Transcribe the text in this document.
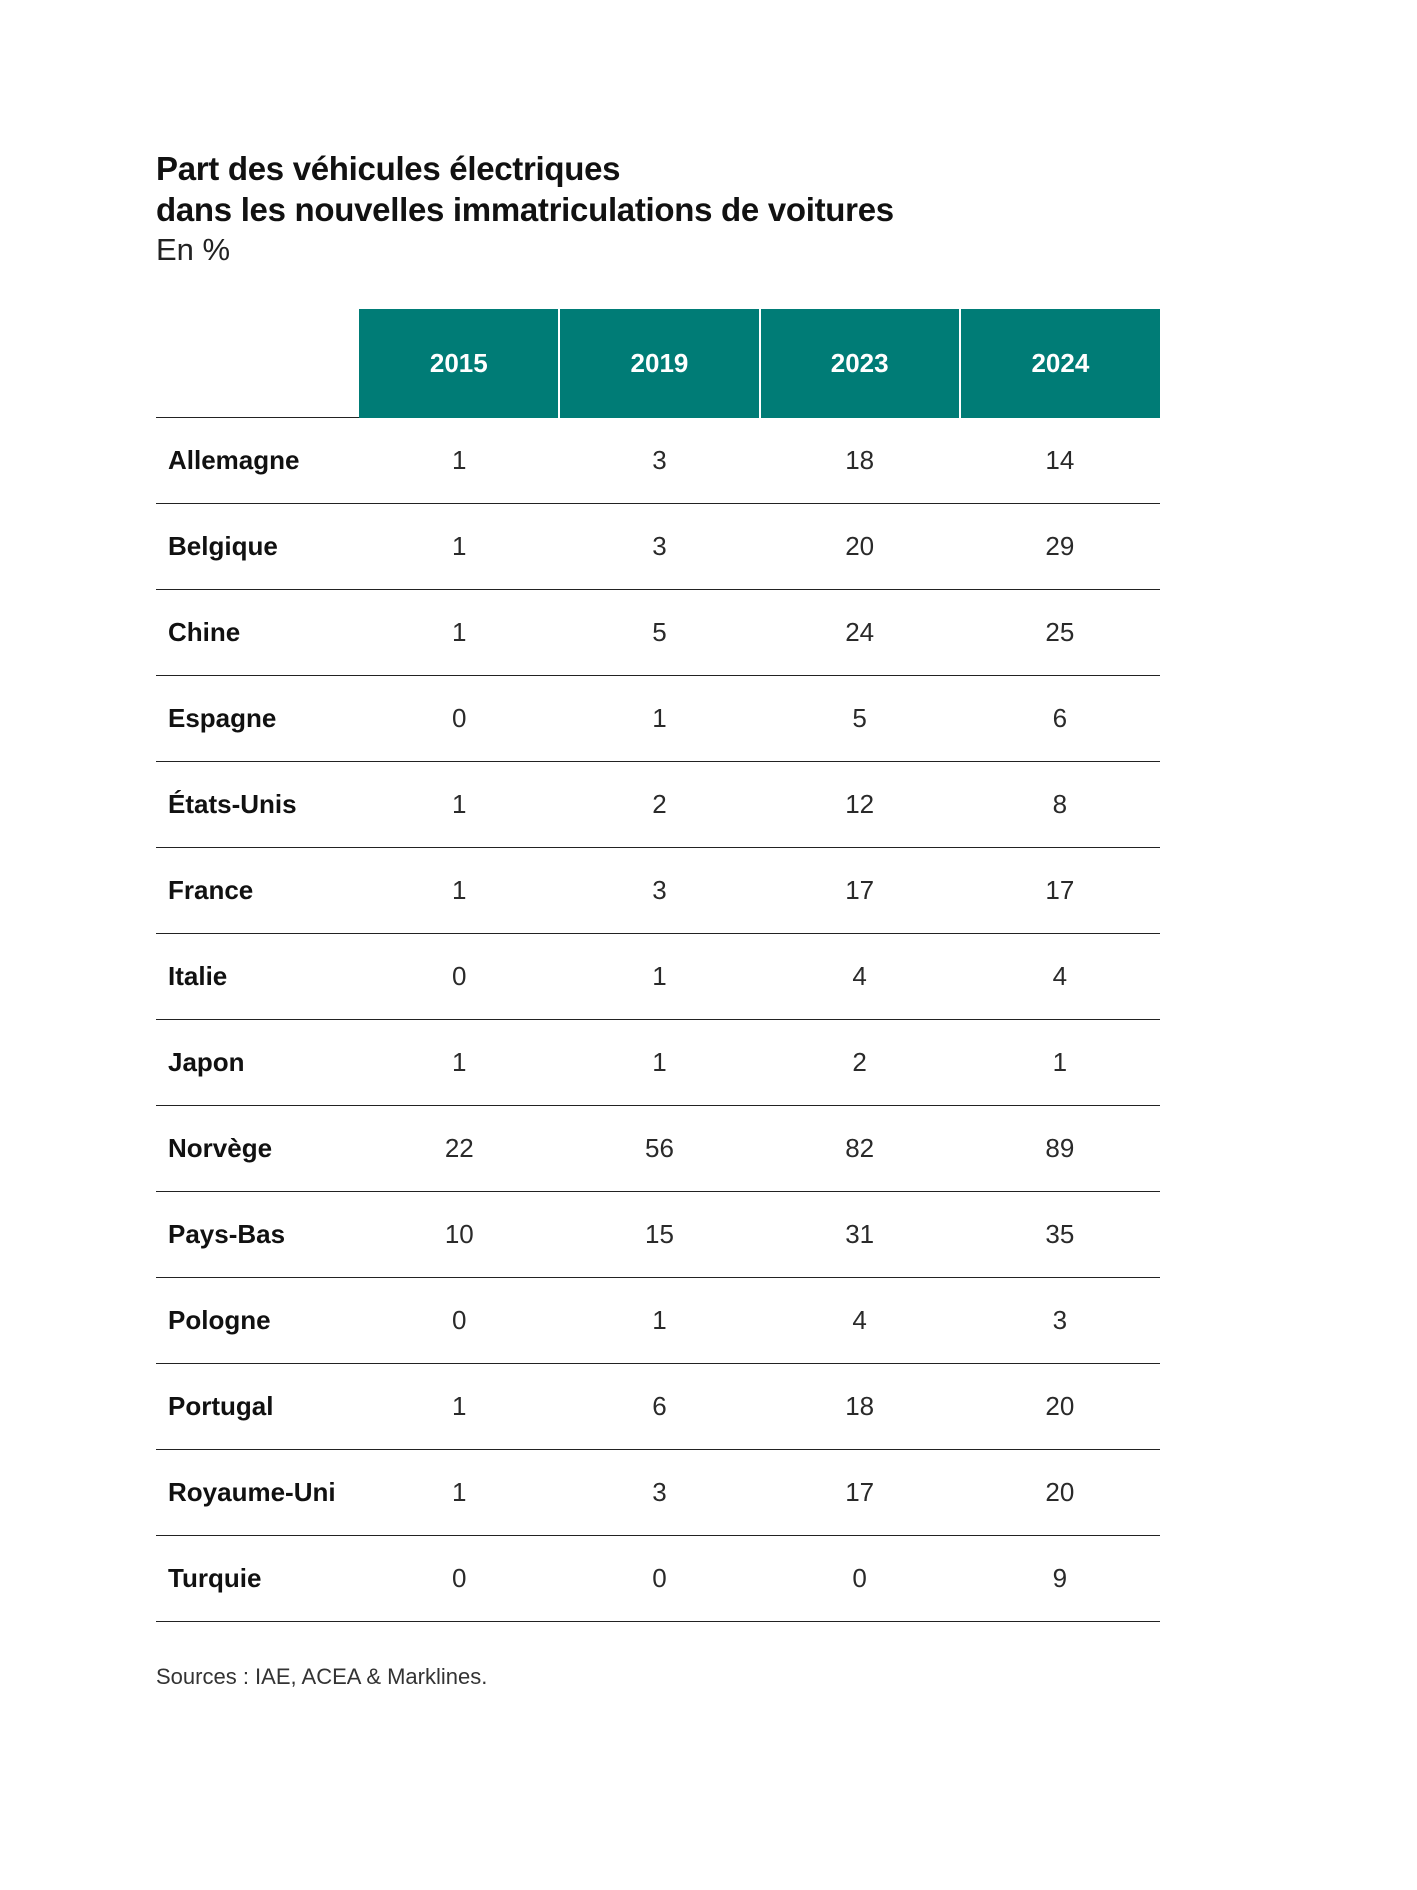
Part des véhicules électriques
dans les nouvelles immatriculations de voitures
En %
	2015	2019	2023	2024
Allemagne	1	3	18	14
Belgique	1	3	20	29
Chine	1	5	24	25
Espagne	0	1	5	6
États-Unis	1	2	12	8
France	1	3	17	17
Italie	0	1	4	4
Japon	1	1	2	1
Norvège	22	56	82	89
Pays-Bas	10	15	31	35
Pologne	0	1	4	3
Portugal	1	6	18	20
Royaume-Uni	1	3	17	20
Turquie	0	0	0	9
Sources : IAE, ACEA & Marklines.
